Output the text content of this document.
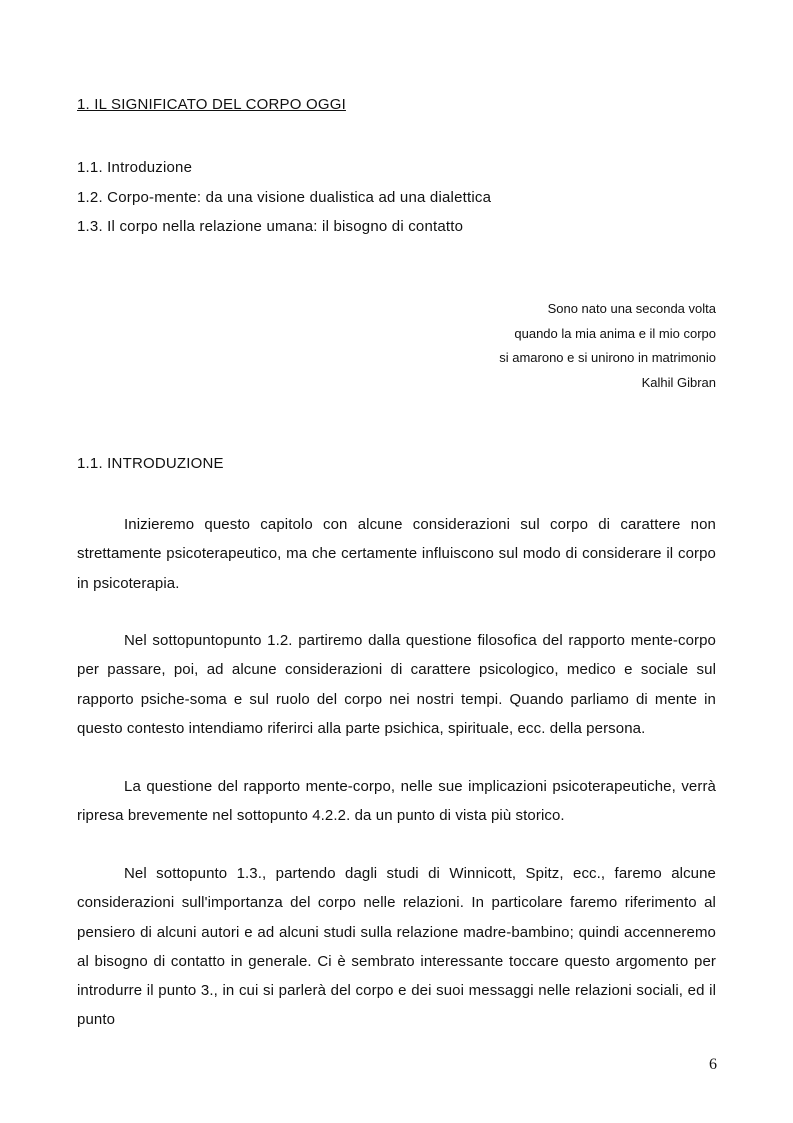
1. IL SIGNIFICATO DEL CORPO OGGI
1.1. Introduzione
1.2. Corpo-mente: da una visione dualistica ad una dialettica
1.3. Il corpo nella relazione umana: il bisogno di contatto
Sono nato una seconda volta
quando la mia anima e il mio corpo
si amarono e si unirono in matrimonio
Kalhil Gibran
1.1. INTRODUZIONE

Inizieremo questo capitolo con alcune considerazioni sul corpo di carattere non strettamente psicoterapeutico, ma che certamente influiscono sul modo di considerare il corpo in psicoterapia.

Nel sottopuntopunto 1.2. partiremo dalla questione filosofica del rapporto mente-corpo per passare, poi, ad alcune considerazioni di carattere psicologico, medico e sociale sul rapporto psiche-soma e sul ruolo del corpo nei nostri tempi. Quando parliamo di mente in questo contesto intendiamo riferirci alla parte psichica, spirituale, ecc. della persona.

La questione del rapporto mente-corpo, nelle sue implicazioni psicoterapeutiche, verrà ripresa brevemente nel sottopunto 4.2.2. da un punto di vista più storico.

Nel sottopunto 1.3., partendo dagli studi di Winnicott, Spitz, ecc., faremo alcune considerazioni sull'importanza del corpo nelle relazioni. In particolare faremo riferimento al pensiero di alcuni autori e ad alcuni studi sulla relazione madre-bambino; quindi accenneremo al bisogno di contatto in generale. Ci è sembrato interessante toccare questo argomento per introdurre il punto 3., in cui si parlerà del corpo e dei suoi messaggi nelle relazioni sociali, ed il punto

6
